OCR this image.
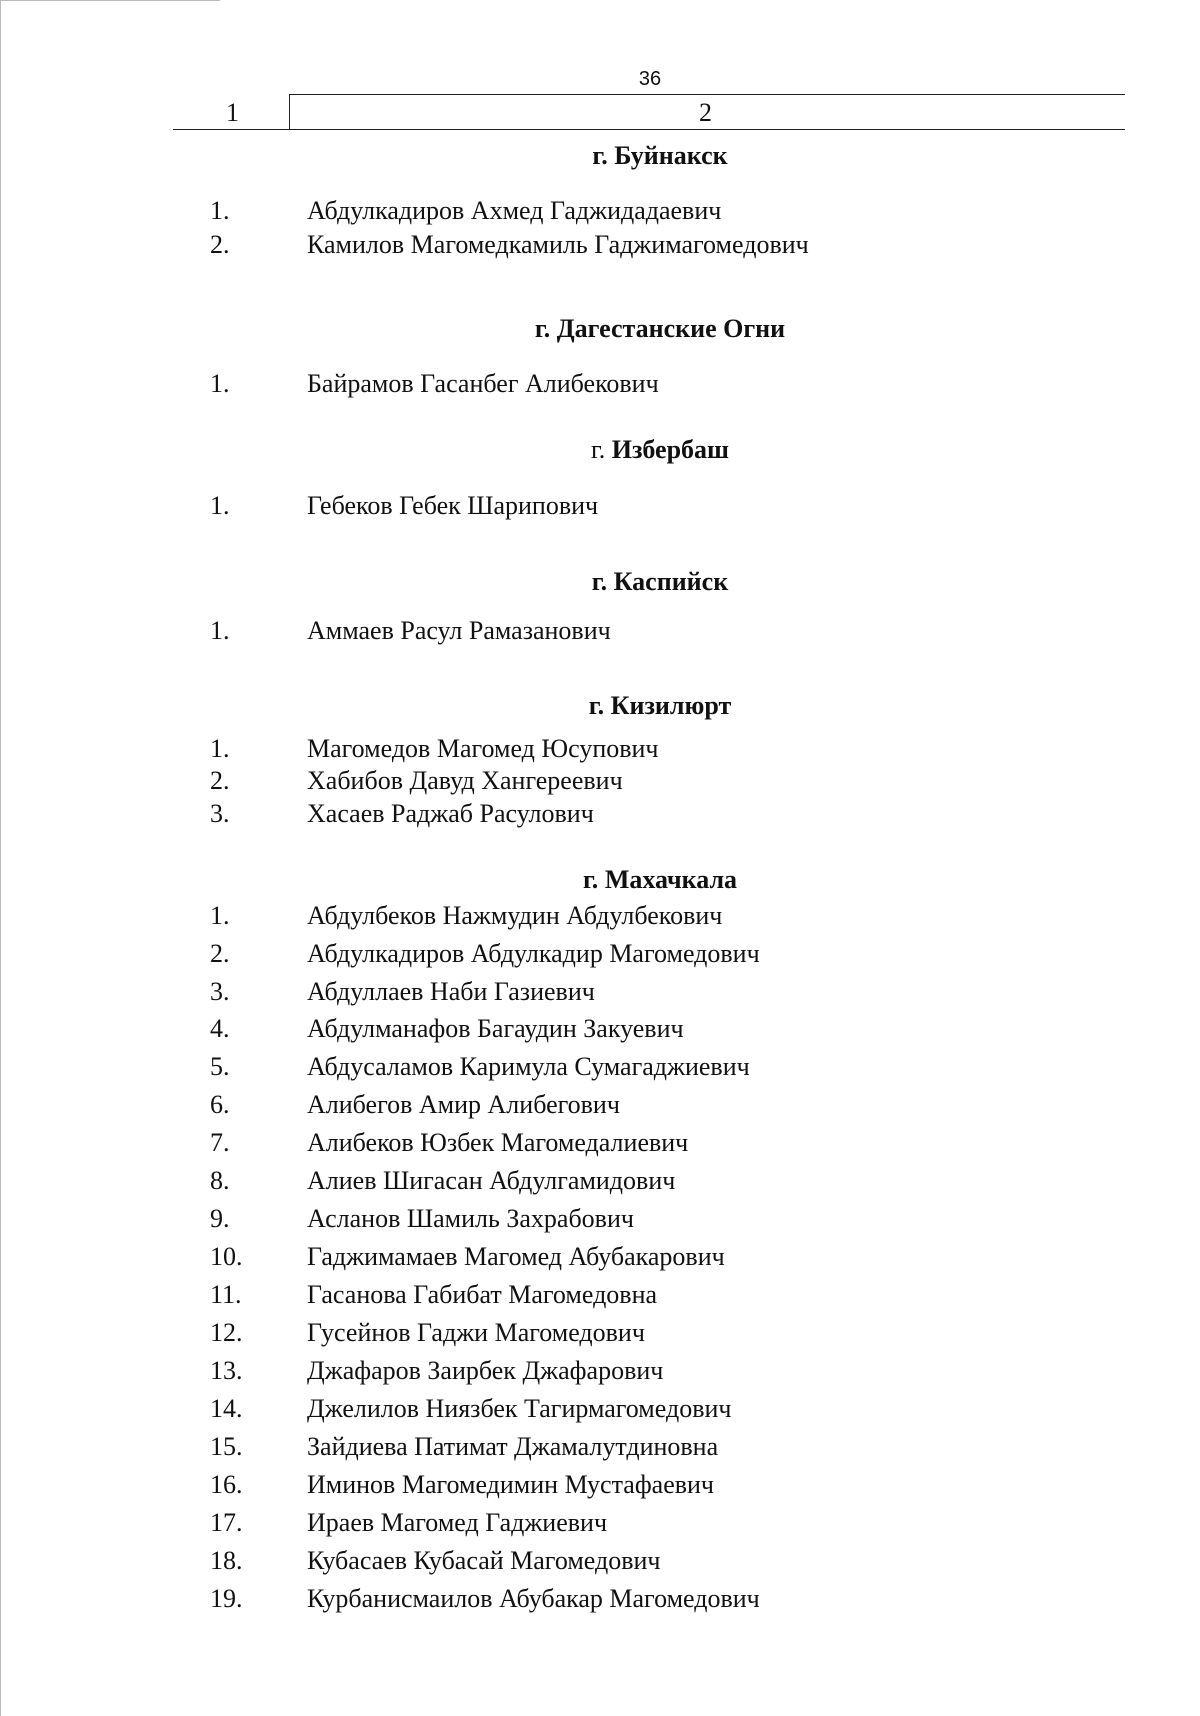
36
1	2
г. Буйнакск
1.	Абдулкадиров Ахмед Гаджидадаевич
2.	Камилов Магомедкамиль Гаджимагомедович
г. Дагестанские Огни
1.	Байрамов Гасанбег Алибекович
г. Избербаш
1.	Гебеков Гебек Шарипович
г. Каспийск
1.	Аммаев Расул Рамазанович
г. Кизилюрт
1.	Магомедов Магомед Юсупович
2.	Хабибов Давуд Хангереевич
3.	Хасаев Раджаб Расулович
г. Махачкала
1.	Абдулбеков Нажмудин Абдулбекович
2.	Абдулкадиров Абдулкадир Магомедович
3.	Абдуллаев Наби Газиевич
4.	Абдулманафов Багаудин Закуевич
5.	Абдусаламов Каримула Сумагаджиевич
6.	Алибегов Амир Алибегович
7.	Алибеков Юзбек Магомедалиевич
8.	Алиев Шигасан Абдулгамидович
9.	Асланов Шамиль Захрабович
10.	Гаджимамаев Магомед Абубакарович
11.	Гасанова Габибат Магомедовна
12.	Гусейнов Гаджи Магомедович
13.	Джафаров Заирбек Джафарович
14.	Джелилов Ниязбек Тагирмагомедович
15.	Зайдиева Патимат Джамалутдиновна
16.	Иминов Магомедимин Мустафаевич
17.	Ираев Магомед Гаджиевич
18.	Кубасаев Кубасай Магомедович
19.	Курбанисмаилов Абубакар Магомедович
